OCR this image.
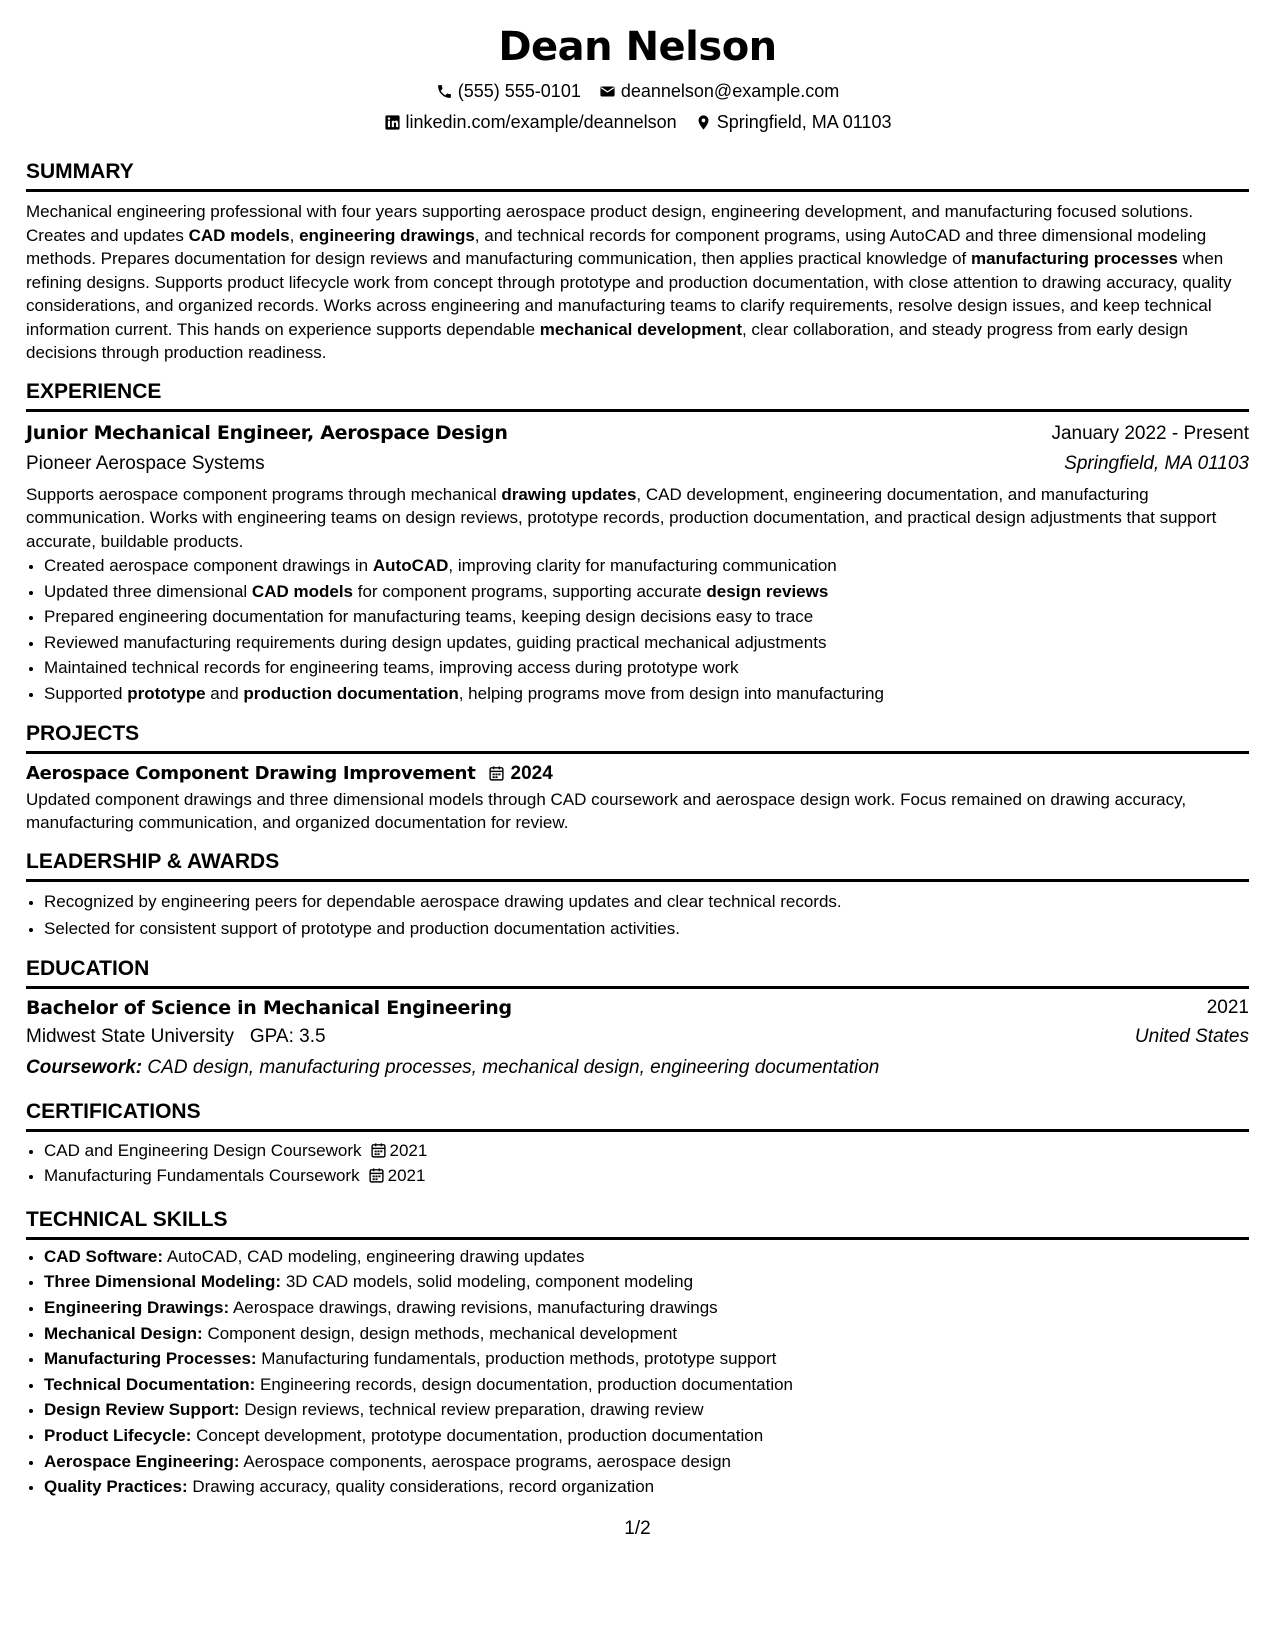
Dean Nelson
(555) 555-0101 deannelson@example.com
linkedin.com/example/deannelson Springfield, MA 01103
SUMMARY
Mechanical engineering professional with four years supporting aerospace product design, engineering development, and manufacturing focused solutions. Creates and updates CAD models, engineering drawings, and technical records for component programs, using AutoCAD and three dimensional modeling methods. Prepares documentation for design reviews and manufacturing communication, then applies practical knowledge of manufacturing processes when refining designs. Supports product lifecycle work from concept through prototype and production documentation, with close attention to drawing accuracy, quality considerations, and organized records. Works across engineering and manufacturing teams to clarify requirements, resolve design issues, and keep technical information current. This hands on experience supports dependable mechanical development, clear collaboration, and steady progress from early design decisions through production readiness.
EXPERIENCE
Junior Mechanical Engineer, Aerospace Design	January 2022 - Present
Pioneer Aerospace Systems	Springfield, MA 01103
Supports aerospace component programs through mechanical drawing updates, CAD development, engineering documentation, and manufacturing communication. Works with engineering teams on design reviews, prototype records, production documentation, and practical design adjustments that support accurate, buildable products.
• Created aerospace component drawings in AutoCAD, improving clarity for manufacturing communication
• Updated three dimensional CAD models for component programs, supporting accurate design reviews
• Prepared engineering documentation for manufacturing teams, keeping design decisions easy to trace
• Reviewed manufacturing requirements during design updates, guiding practical mechanical adjustments
• Maintained technical records for engineering teams, improving access during prototype work
• Supported prototype and production documentation, helping programs move from design into manufacturing
PROJECTS
Aerospace Component Drawing Improvement 2024
Updated component drawings and three dimensional models through CAD coursework and aerospace design work. Focus remained on drawing accuracy, manufacturing communication, and organized documentation for review.
LEADERSHIP & AWARDS
• Recognized by engineering peers for dependable aerospace drawing updates and clear technical records.
• Selected for consistent support of prototype and production documentation activities.
EDUCATION
Bachelor of Science in Mechanical Engineering	2021
Midwest State University GPA: 3.5	United States
Coursework: CAD design, manufacturing processes, mechanical design, engineering documentation
CERTIFICATIONS
• CAD and Engineering Design Coursework 2021
• Manufacturing Fundamentals Coursework 2021
TECHNICAL SKILLS
• CAD Software: AutoCAD, CAD modeling, engineering drawing updates
• Three Dimensional Modeling: 3D CAD models, solid modeling, component modeling
• Engineering Drawings: Aerospace drawings, drawing revisions, manufacturing drawings
• Mechanical Design: Component design, design methods, mechanical development
• Manufacturing Processes: Manufacturing fundamentals, production methods, prototype support
• Technical Documentation: Engineering records, design documentation, production documentation
• Design Review Support: Design reviews, technical review preparation, drawing review
• Product Lifecycle: Concept development, prototype documentation, production documentation
• Aerospace Engineering: Aerospace components, aerospace programs, aerospace design
• Quality Practices: Drawing accuracy, quality considerations, record organization
1/2
